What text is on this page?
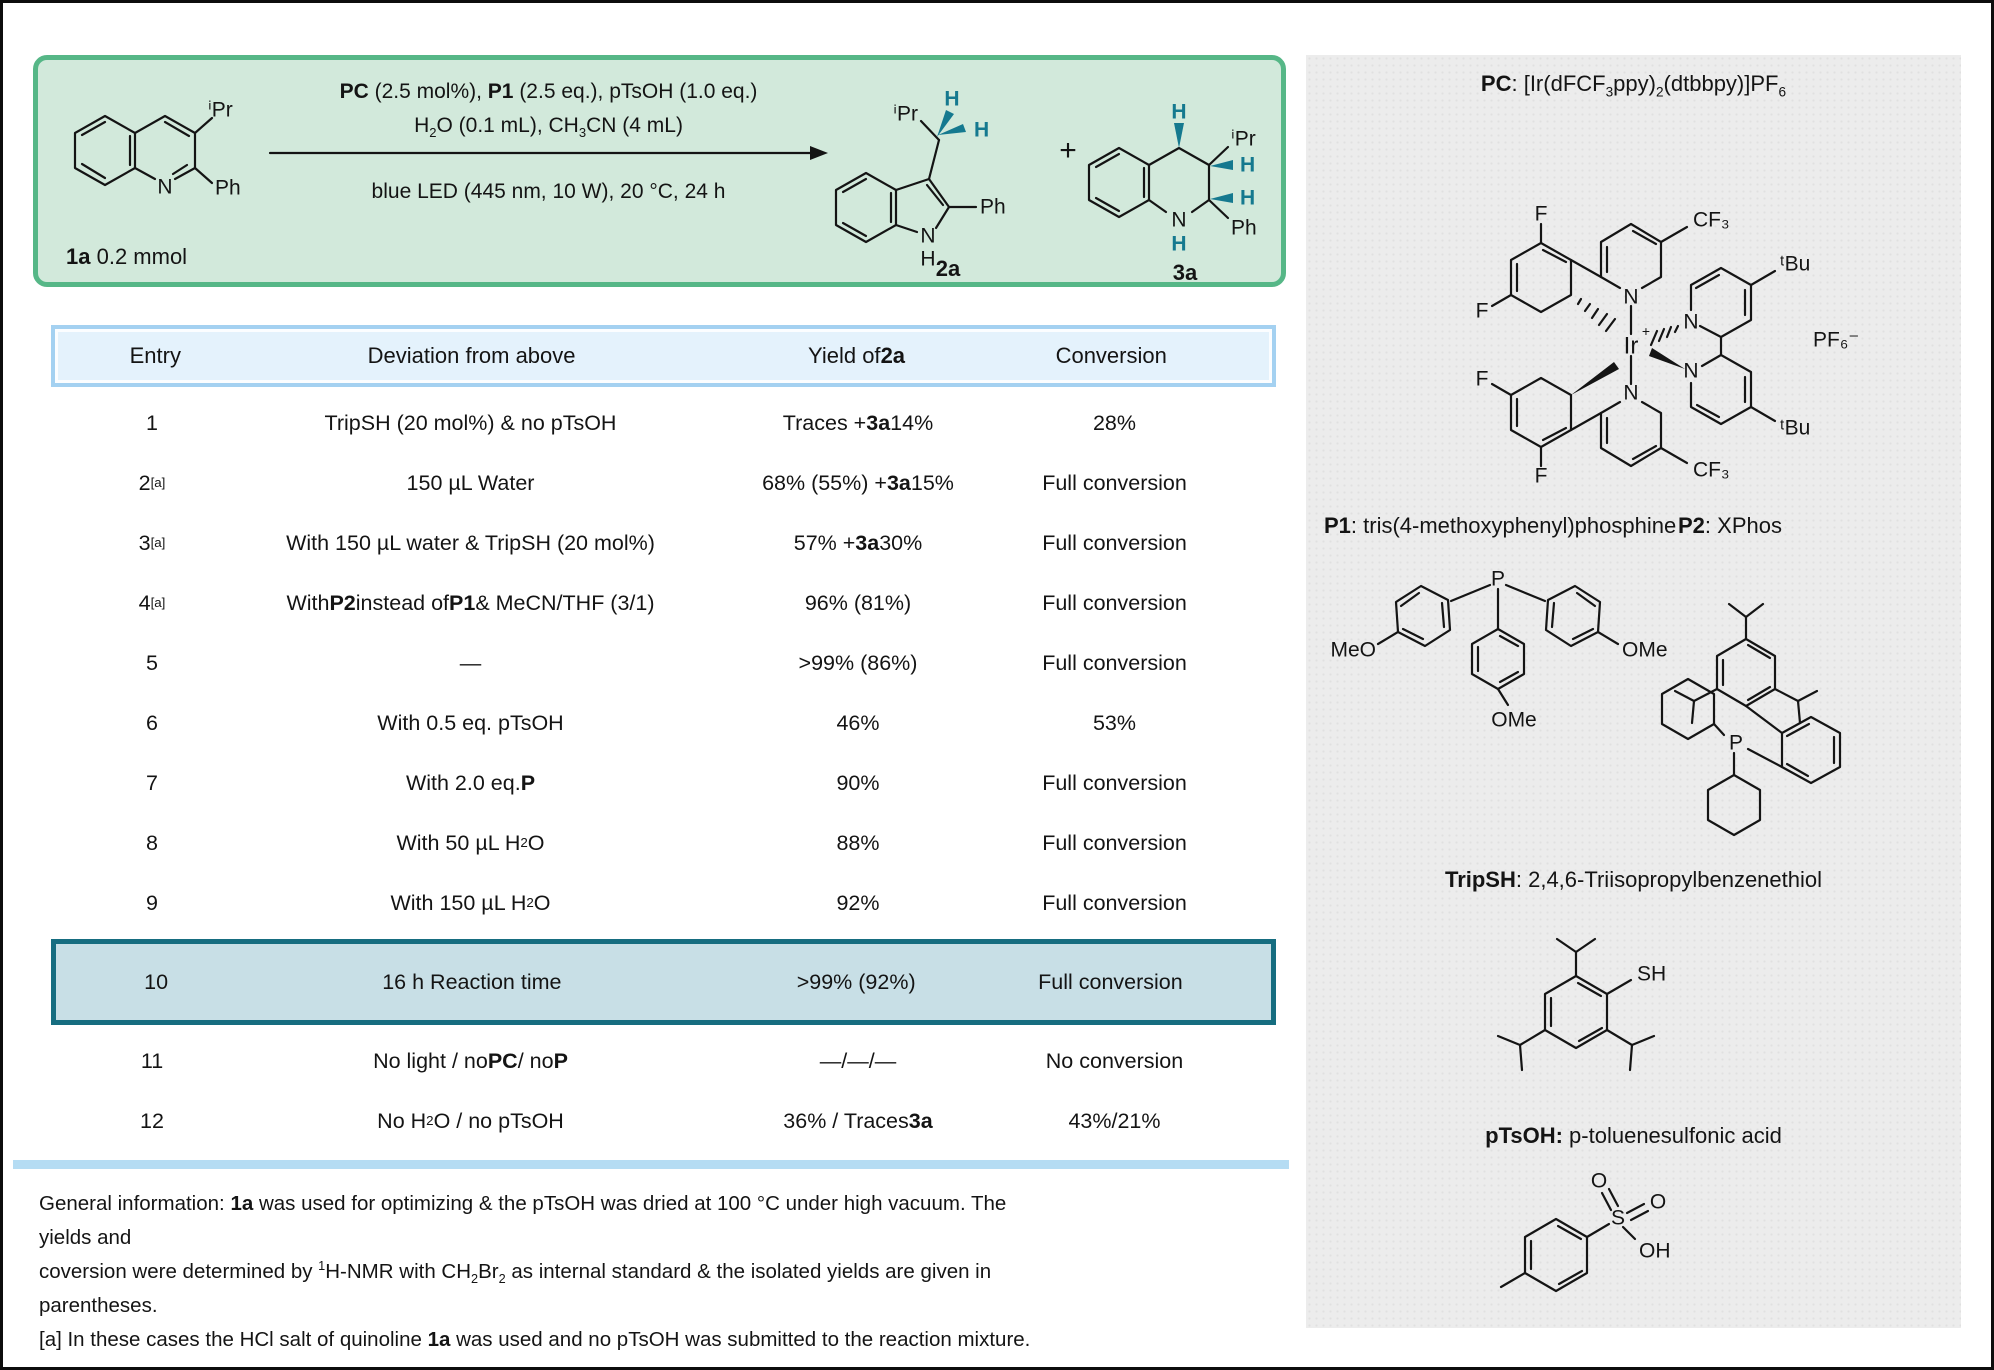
N
ⁱPr
Ph
1a 0.2 mmol
PC (2.5 mol%), P1 (2.5 eq.), pTsOH (1.0 eq.)
$H_2O$ (0.1 mL), $CH_3CN$ (4 mL)
blue LED (445 nm, 10 W), 20 °C, 24 h
N
H
ⁱPr
H
H
Ph
2a
+
N
H
H
ⁱPr
H
H
Ph
3a
Entry	Deviation from above	Yield of 2a	Conversion
1	TripSH (20 mol%) & no pTsOH	Traces + 3a 14%	28%
2 [a]	150 µL Water	68% (55%) + 3a 15%	Full conversion
3 [a]	With 150 µL water & TripSH (20 mol%)	57% + 3a 30%	Full conversion
4 [a]	With P2 instead of P1 & MeCN/THF (3/1)	96% (81%)	Full conversion
5	—	>99% (86%)	Full conversion
6	With 0.5 eq. pTsOH	46%	53%
7	With 2.0 eq. P	90%	Full conversion
8	With 50 µL H 2 O	88%	Full conversion
9	With 150 µL H 2 O	92%	Full conversion
10	16 h Reaction time	>99% (92%)	Full conversion
11	No light / no PC / no P	—/—/—	No conversion
12	No H 2 O / no pTsOH	36% / Traces 3a	43%/21%
General information: 1a was used for optimizing & the pTsOH was dried at 100 °C under high vacuum. The yields and
coversion were determined by $^1$H-NMR with $CH_2Br_2$ as internal standard & the isolated yields are given in parentheses.
[a] In these cases the HCl salt of quinoline 1a was used and no pTsOH was submitted to the reaction mixture.
PC: $[Ir(dFCF_3ppy)_2(dtbbpy)]PF_6$
N
N
N
N
F
F
F
F
CF₃
CF₃
ᵗBu
ᵗBu
Ir
+	PF₆⁻
P1: tris(4-methoxyphenyl)phosphine P2: XPhos
P
MeO	OMe
OMe
P
TripSH: 2,4,6-Triisopropylbenzenethiol
SH
pTsOH: p-toluenesulfonic acid
S
O
O
OH
